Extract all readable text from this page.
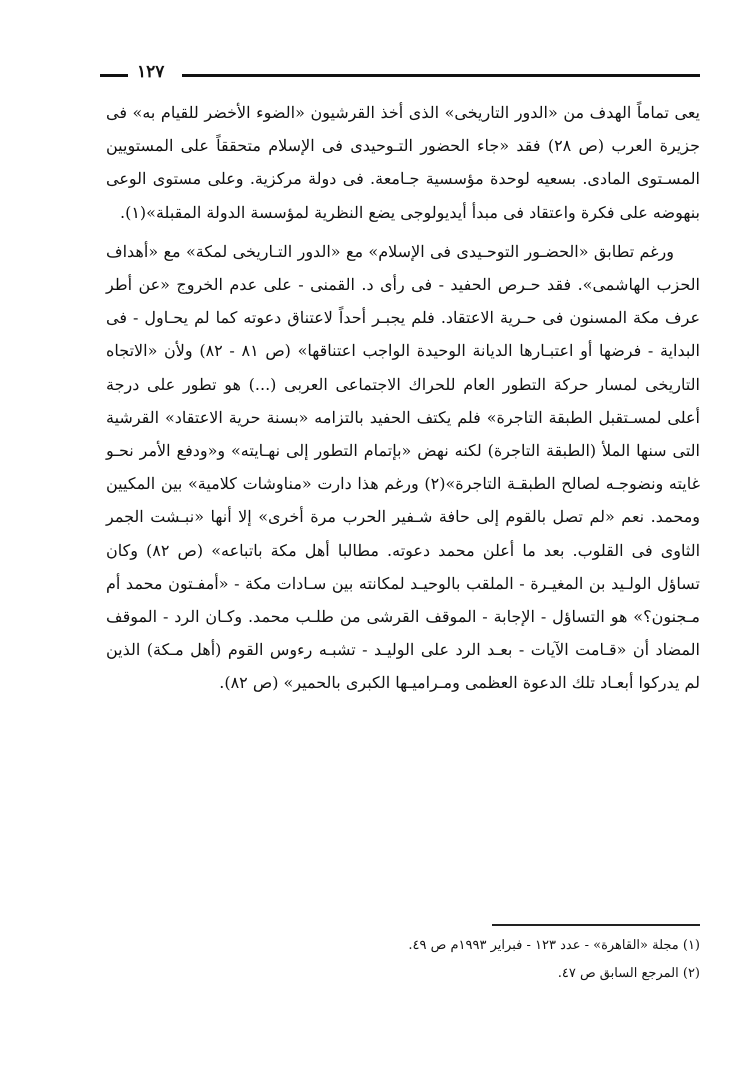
١٢٧

يعى تماماً الهدف من «الدور التاريخى» الذى أخذ القرشيون «الضوء الأخضر للقيام به» فى جزيرة العرب (ص ٢٨) فقد «جاء الحضور التـوحيدى فى الإسلام متحققاً على المستويين المسـتوى المادى. بسعيه لوحدة مؤسسية جـامعة. فى دولة مركزية. وعلى مستوى الوعى بنهوضه على فكرة واعتقاد فى مبدأ أيديولوجى يضع النظرية لمؤسسة الدولة المقبلة»(١).

ورغم تطابق «الحضـور التوحـيدى فى الإسلام» مع «الدور التـاريخى لمكة» مع «أهداف الحزب الهاشمى». فقد حـرص الحفيد - فى رأى د. القمنى - على عدم الخروج «عن أطر عرف مكة المسنون فى حـرية الاعتقاد. فلم يجبـر أحداً لاعتناق دعوته كما لم يحـاول - فى البداية - فرضها أو اعتبـارها الديانة الوحيدة الواجب اعتناقها» (ص ٨١ - ٨٢) ولأن «الاتجاه التاريخى لمسار حركة التطور العام للحراك الاجتماعى العربى (...) هو تطور على درجة أعلى لمسـتقبل الطبقة التاجرة» فلم يكتف الحفيد بالتزامه «بسنة حرية الاعتقاد» القرشية التى سنها الملأ (الطبقة التاجرة) لكنه نهض «بإتمام التطور إلى نهـايته» و«ودفع الأمر نحـو غايته ونضوجـه لصالح الطبقـة التاجرة»(٢) ورغم هذا دارت «مناوشات كلامية» بين المكيين ومحمد. نعم «لم تصل بالقوم إلى حافة شـفير الحرب مرة أخرى» إلا أنها «نبـشت الجمر الثاوى فى القلوب. بعد ما أعلن محمد دعوته. مطالبا أهل مكة باتباعه» (ص ٨٢) وكان تساؤل الولـيد بن المغيـرة - الملقب بالوحيـد لمكانته بين سـادات مكة - «أمفـتون محمد أم مـجنون؟» هو التساؤل - الإجابة - الموقف القرشى من طلـب محمد. وكـان الرد - الموقف المضاد أن «قـامت الآيات - بعـد الرد على الوليـد - تشبـه رءوس القوم (أهل مـكة) الذين لم يدركوا أبعـاد تلك الدعوة العظمى ومـراميـها الكبرى بالحمير» (ص ٨٢).

(١) مجلة «القاهرة» - عدد ١٢٣ - فبراير ١٩٩٣م ص ٤٩.

(٢) المرجع السابق ص ٤٧.
